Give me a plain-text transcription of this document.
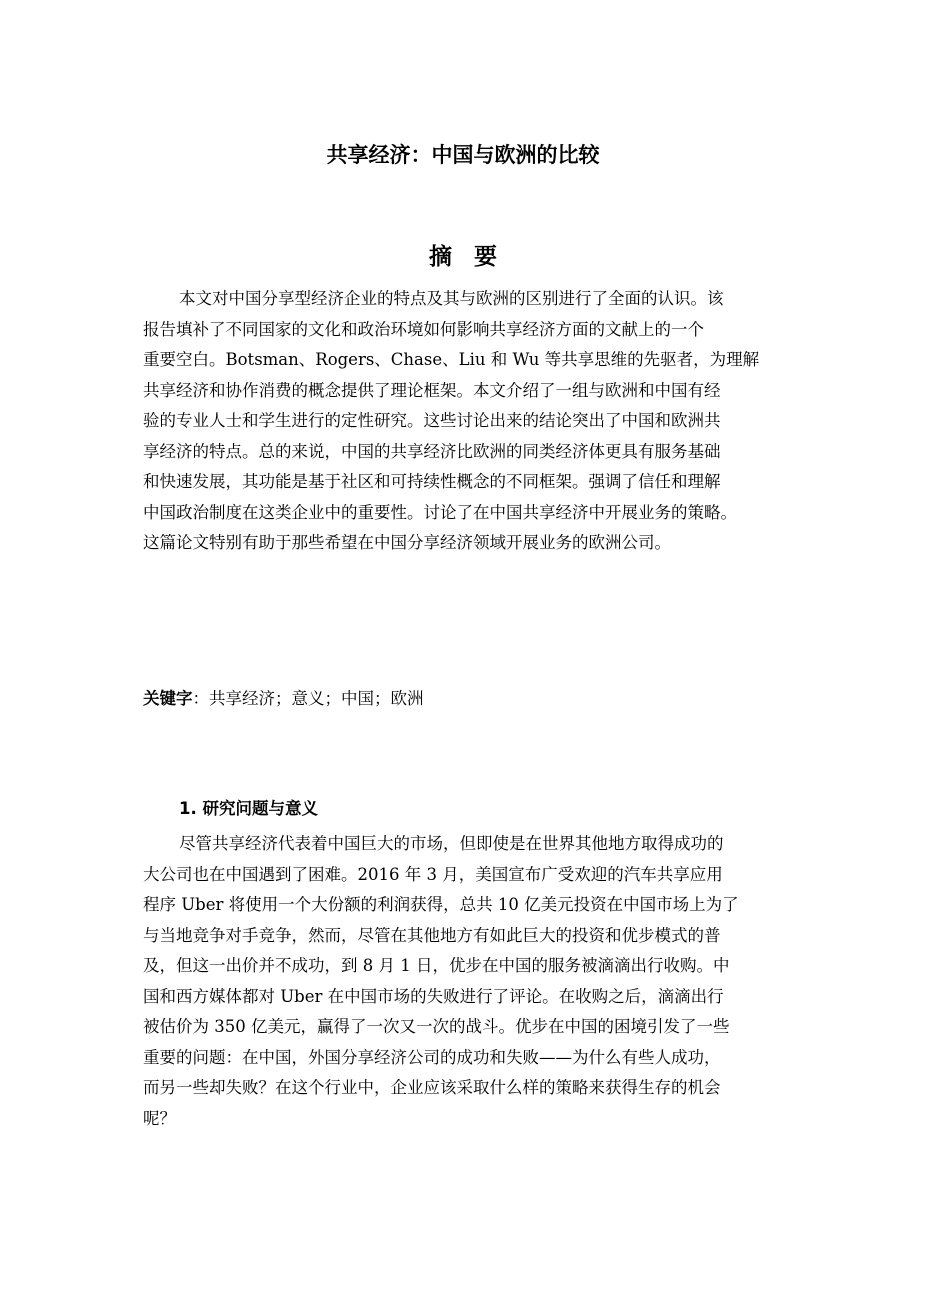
共享经济：中国与欧洲的比较
摘要
本文对中国分享型经济企业的特点及其与欧洲的区别进行了全面的认识。该
报告填补了不同国家的文化和政治环境如何影响共享经济方面的文献上的一个
重要空白。Botsman、Rogers、Chase、Liu 和 Wu 等共享思维的先驱者，为理解
共享经济和协作消费的概念提供了理论框架。本文介绍了一组与欧洲和中国有经
验的专业人士和学生进行的定性研究。这些讨论出来的结论突出了中国和欧洲共
享经济的特点。总的来说，中国的共享经济比欧洲的同类经济体更具有服务基础
和快速发展，其功能是基于社区和可持续性概念的不同框架。强调了信任和理解
中国政治制度在这类企业中的重要性。讨论了在中国共享经济中开展业务的策略。
这篇论文特别有助于那些希望在中国分享经济领域开展业务的欧洲公司。
关键字：共享经济；意义；中国；欧洲
1. 研究问题与意义
尽管共享经济代表着中国巨大的市场，但即使是在世界其他地方取得成功的
大公司也在中国遇到了困难。2016 年 3 月，美国宣布广受欢迎的汽车共享应用
程序 Uber 将使用一个大份额的利润获得，总共 10 亿美元投资在中国市场上为了
与当地竞争对手竞争，然而，尽管在其他地方有如此巨大的投资和优步模式的普
及，但这一出价并不成功，到 8 月 1 日，优步在中国的服务被滴滴出行收购。中
国和西方媒体都对 Uber 在中国市场的失败进行了评论。在收购之后，滴滴出行
被估价为 350 亿美元，赢得了一次又一次的战斗。优步在中国的困境引发了一些
重要的问题：在中国，外国分享经济公司的成功和失败——为什么有些人成功，
而另一些却失败？在这个行业中，企业应该采取什么样的策略来获得生存的机会
呢？
